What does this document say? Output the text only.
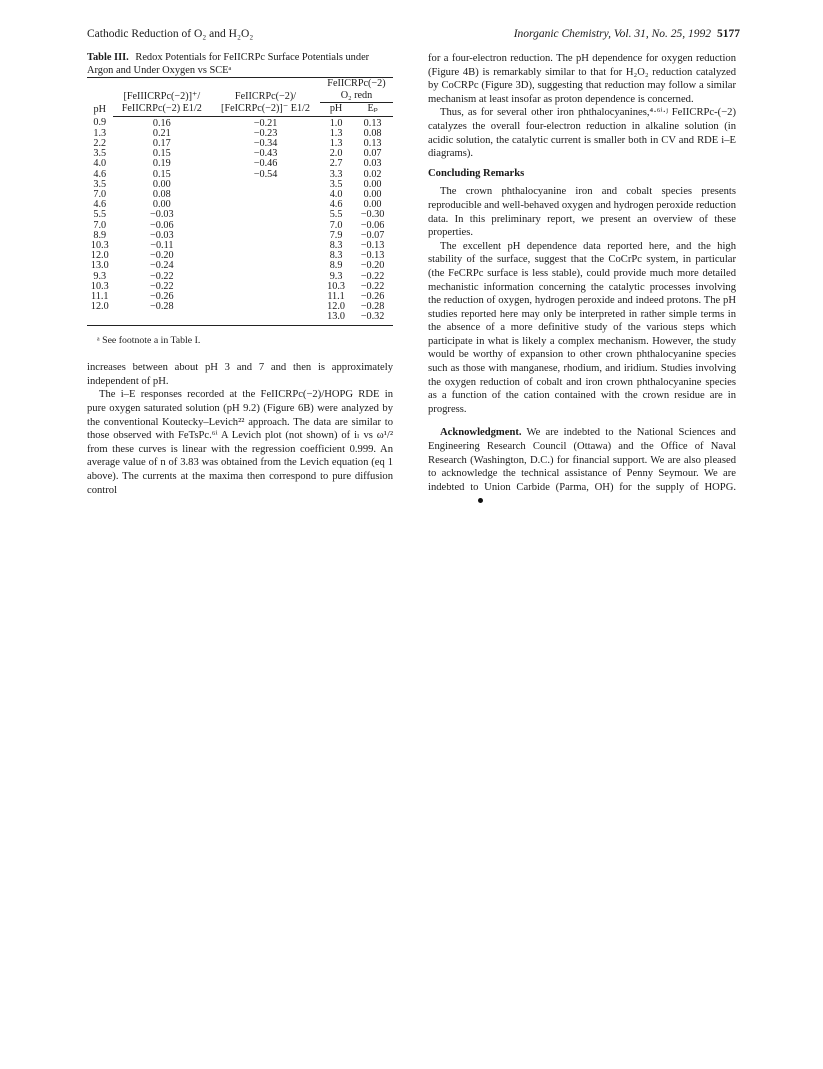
Cathodic Reduction of O₂ and H₂O₂	Inorganic Chemistry, Vol. 31, No. 25, 1992 5177

Table III. Redox Potentials for FeIICRPc Surface Potentials under Argon and Under Oxygen vs SCEᵃ

pH	[FeIIICRPc(−2)]⁺/	FeIICRPc(−2)/	FeIICRPc(−2)	
			O₂ redn	
	FeIICRPc(−2) E1/2	[FeICRPc(−2)]⁻ E1/2	pH	Eₚ
0.9	0.16	−0.21	1.0	0.13
1.3	0.21	−0.23	1.3	0.08
2.2	0.17	−0.34	1.3	0.13
3.5	0.15	−0.43	2.0	0.07
4.0	0.19	−0.46	2.7	0.03
4.6	0.15	−0.54	3.3	0.02
3.5	0.00		3.5	0.00
7.0	0.08		4.0	0.00
4.6	0.00		4.6	0.00
5.5	−0.03		5.5	−0.30
7.0	−0.06		7.0	−0.06
8.9	−0.03		7.9	−0.07
10.3	−0.11		8.3	−0.13
12.0	−0.20		8.3	−0.13
13.0	−0.24		8.9	−0.20
9.3	−0.22		9.3	−0.22
10.3	−0.22		10.3	−0.22
11.1	−0.26		11.1	−0.26
12.0	−0.28		12.0	−0.28
			13.0	−0.32

ᵃ See footnote a in Table I.

increases between about pH 3 and 7 and then is approximately independent of pH.

The i–E responses recorded at the FeIICRPc(−2)/HOPG RDE in pure oxygen saturated solution (pH 9.2) (Figure 6B) were analyzed by the conventional Koutecky–Levich²² approach. The data are similar to those observed with FeTsPc.⁶ⁱ A Levich plot (not shown) of iₗ vs ω¹/² from these curves is linear with the regression coefficient 0.999. An average value of n of 3.83 was obtained from the Levich equation (eq 1 above). The currents at the maxima then correspond to pure diffusion control

for a four-electron reduction. The pH dependence for oxygen reduction (Figure 4B) is remarkably similar to that for H₂O₂ reduction catalyzed by CoCRPc (Figure 3D), suggesting that reduction may follow a similar mechanism at least insofar as proton dependence is concerned.

Thus, as for several other iron phthalocyanines,⁴·⁶ⁱ·ʲ FeIICRPc-(−2) catalyzes the overall four-electron reduction in alkaline solution (in acidic solution, the catalytic current is smaller both in CV and RDE i–E diagrams).

Concluding Remarks

The crown phthalocyanine iron and cobalt species presents reproducible and well-behaved oxygen and hydrogen peroxide reduction data. In this preliminary report, we present an overview of these properties.

The excellent pH dependence data reported here, and the high stability of the surface, suggest that the CoCrPc system, in particular (the FeCRPc surface is less stable), could provide much more detailed mechanistic information concerning the catalytic processes involving the reduction of oxygen, hydrogen peroxide and indeed protons. The pH studies reported here may only be interpreted in rather simple terms in the absence of a more definitive study of the various steps which participate in what is likely a complex mechanism. However, the study would be worthy of expansion to other crown phthalocyanine species such as those with manganese, rhodium, and iridium. Studies involving the oxygen reduction of cobalt and iron crown phthalocyanine species as a function of the cation contained with the crown residue are in progress.

Acknowledgment. We are indebted to the National Sciences and Engineering Research Council (Ottawa) and the Office of Naval Research (Washington, D.C.) for financial support. We are also pleased to acknowledge the technical assistance of Penny Seymour. We are indebted to Union Carbide (Parma, OH) for the supply of HOPG.
